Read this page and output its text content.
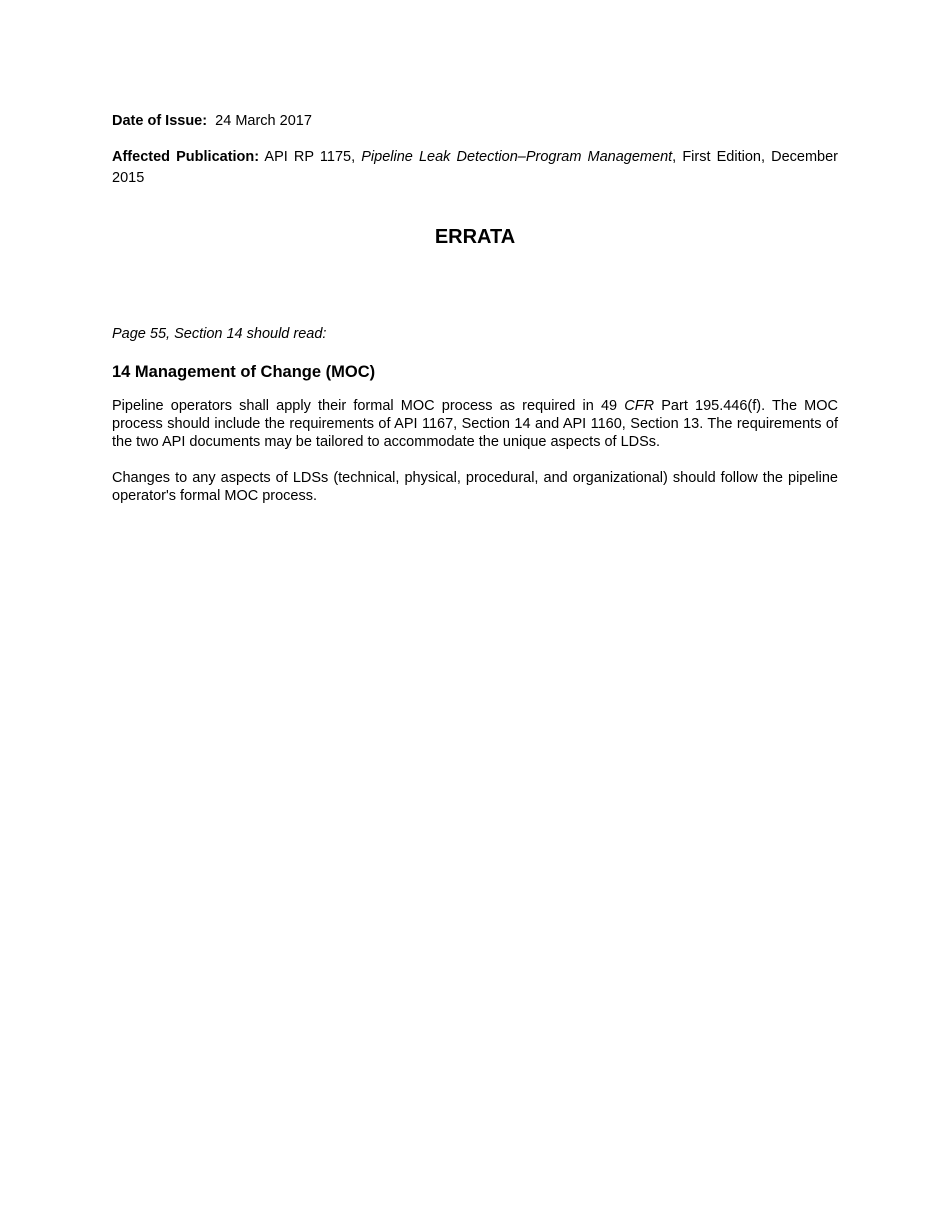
Date of Issue: 24 March 2017

Affected Publication: API RP 1175, Pipeline Leak Detection–Program Management, First Edition, December 2015

ERRATA

Page 55, Section 14 should read:

14 Management of Change (MOC)

Pipeline operators shall apply their formal MOC process as required in 49 CFR Part 195.446(f). The MOC process should include the requirements of API 1167, Section 14 and API 1160, Section 13. The requirements of the two API documents may be tailored to accommodate the unique aspects of LDSs.

Changes to any aspects of LDSs (technical, physical, procedural, and organizational) should follow the pipeline operator's formal MOC process.
